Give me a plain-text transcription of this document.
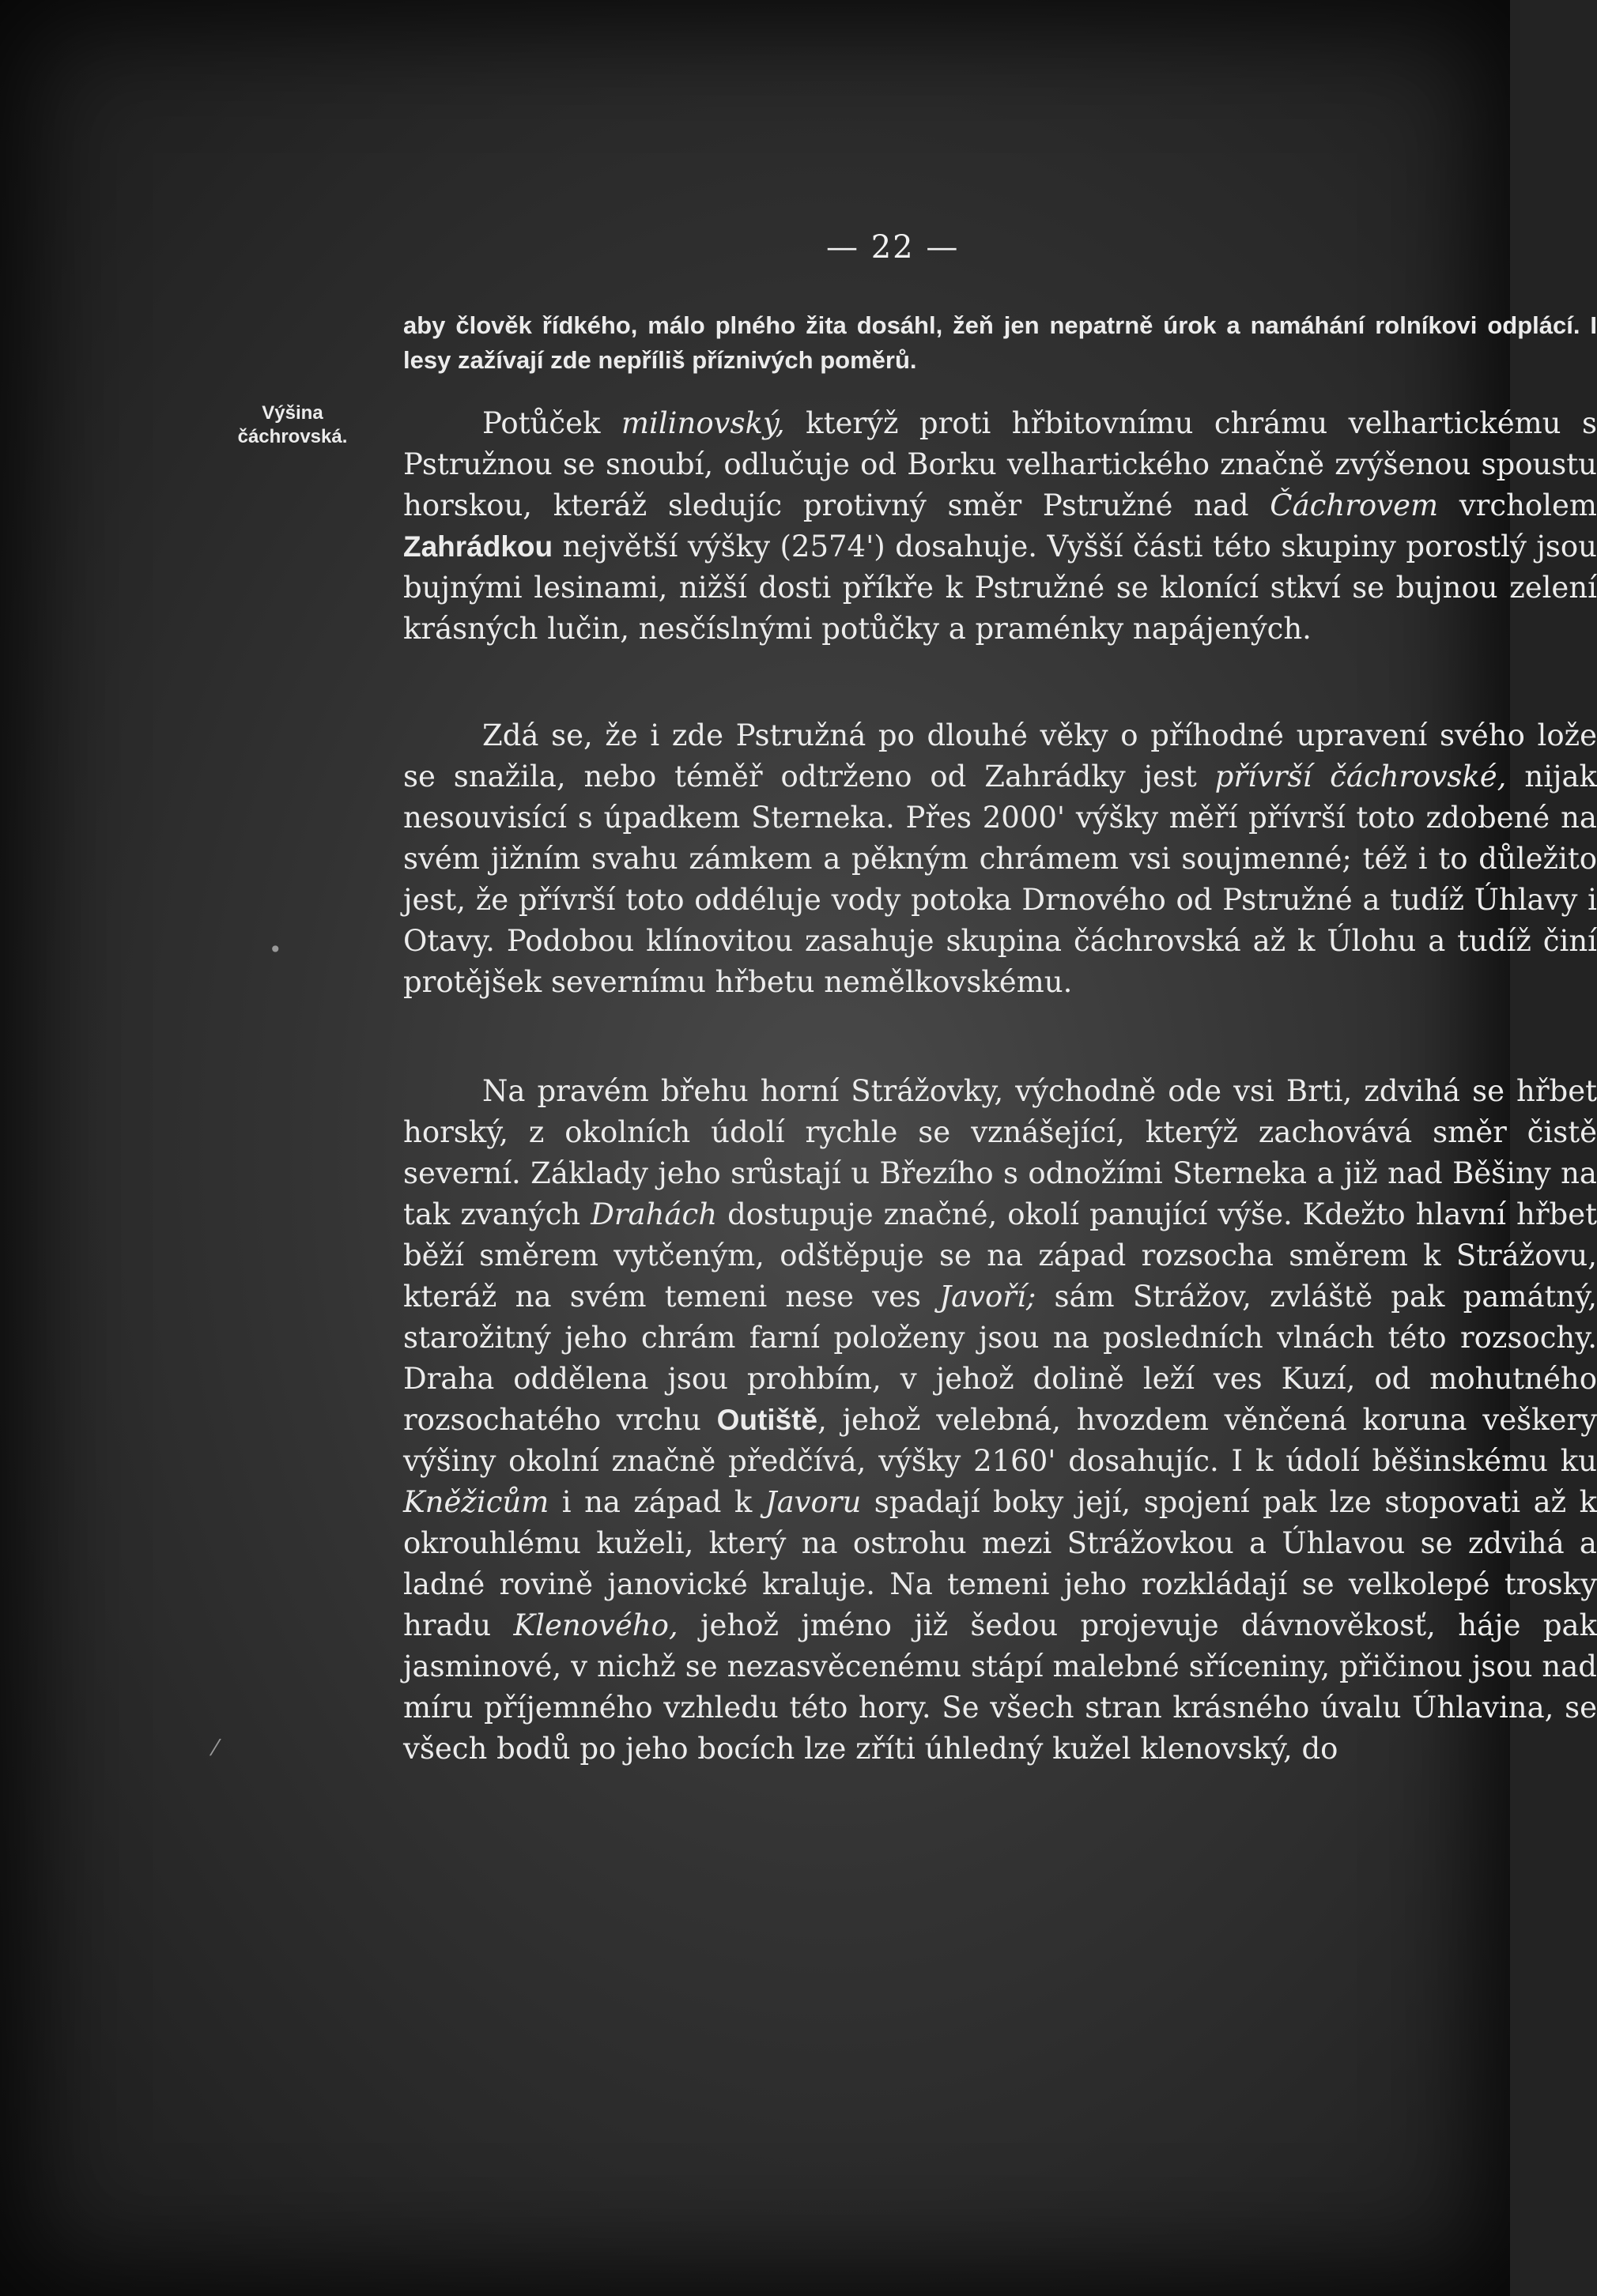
•
⁄
— 22 —
aby člověk řídkého, málo plného žita dosáhl, žeň jen nepatrně úrok a namáhání rolníkovi odplácí. I lesy zažívají zde nepříliš příznivých poměrů.
Výšina čáchrovská.	Potůček milinovský, kterýž proti hřbitovnímu chrámu velhartickému s Pstružnou se snoubí, odlučuje od Borku velhartického značně zvýšenou spoustu horskou, kteráž sledujíc protivný směr Pstružné nad Čáchrovem vrcholem Zahrádkou největší výšky (2574') dosahuje. Vyšší části této skupiny porostlý jsou bujnými lesinami, nižší dosti příkře k Pstružné se klonící stkví se bujnou zelení krásných lučin, nesčíslnými potůčky a praménky napájených.
Zdá se, že i zde Pstružná po dlouhé věky o příhodné upravení svého lože se snažila, nebo téměř odtrženo od Zahrádky jest přívrší čáchrovské, nijak nesouvisící s úpadkem Sterneka. Přes 2000' výšky měří přívrší toto zdobené na svém jižním svahu zámkem a pěkným chrámem vsi soujmenné; též i to důležito jest, že přívrší toto oddéluje vody potoka Drnového od Pstružné a tudíž Úhlavy i Otavy. Podobou klínovitou zasahuje skupina čáchrovská až k Úlohu a tudíž činí protějšek severnímu hřbetu nemělkovskému.
Na pravém břehu horní Strážovky, východně ode vsi Brti, zdvihá se hřbet horský, z okolních údolí rychle se vznášející, kterýž zachovává směr čistě severní. Základy jeho srůstají u Březího s odnožími Sterneka a již nad Běšiny na tak zvaných Drahách dostupuje značné, okolí panující výše. Kdežto hlavní hřbet běží směrem vytčeným, odštěpuje se na západ rozsocha směrem k Strážovu, kteráž na svém temeni nese ves Javoří; sám Strážov, zvláště pak památný, starožitný jeho chrám farní položeny jsou na posledních vlnách této rozsochy. Draha oddělena jsou prohbím, v jehož dolině leží ves Kuzí, od mohutného rozsochatého vrchu Outiště, jehož velebná, hvozdem věnčená koruna veškery výšiny okolní značně předčívá, výšky 2160' dosahujíc. I k údolí běšinskému ku Kněžicům i na západ k Javoru spadají boky její, spojení pak lze stopovati až k okrouhlému kuželi, který na ostrohu mezi Strážovkou a Úhlavou se zdvihá a ladné rovině janovické kraluje. Na temeni jeho rozkládají se velkolepé trosky hradu Klenového, jehož jméno již šedou projevuje dávnověkosť, háje pak jasminové, v nichž se nezasvěcenému stápí malebné sříceniny, přičinou jsou nad míru příjemného vzhledu této hory. Se všech stran krásného úvalu Úhlavina, se všech bodů po jeho bocích lze zříti úhledný kužel klenovský, do
